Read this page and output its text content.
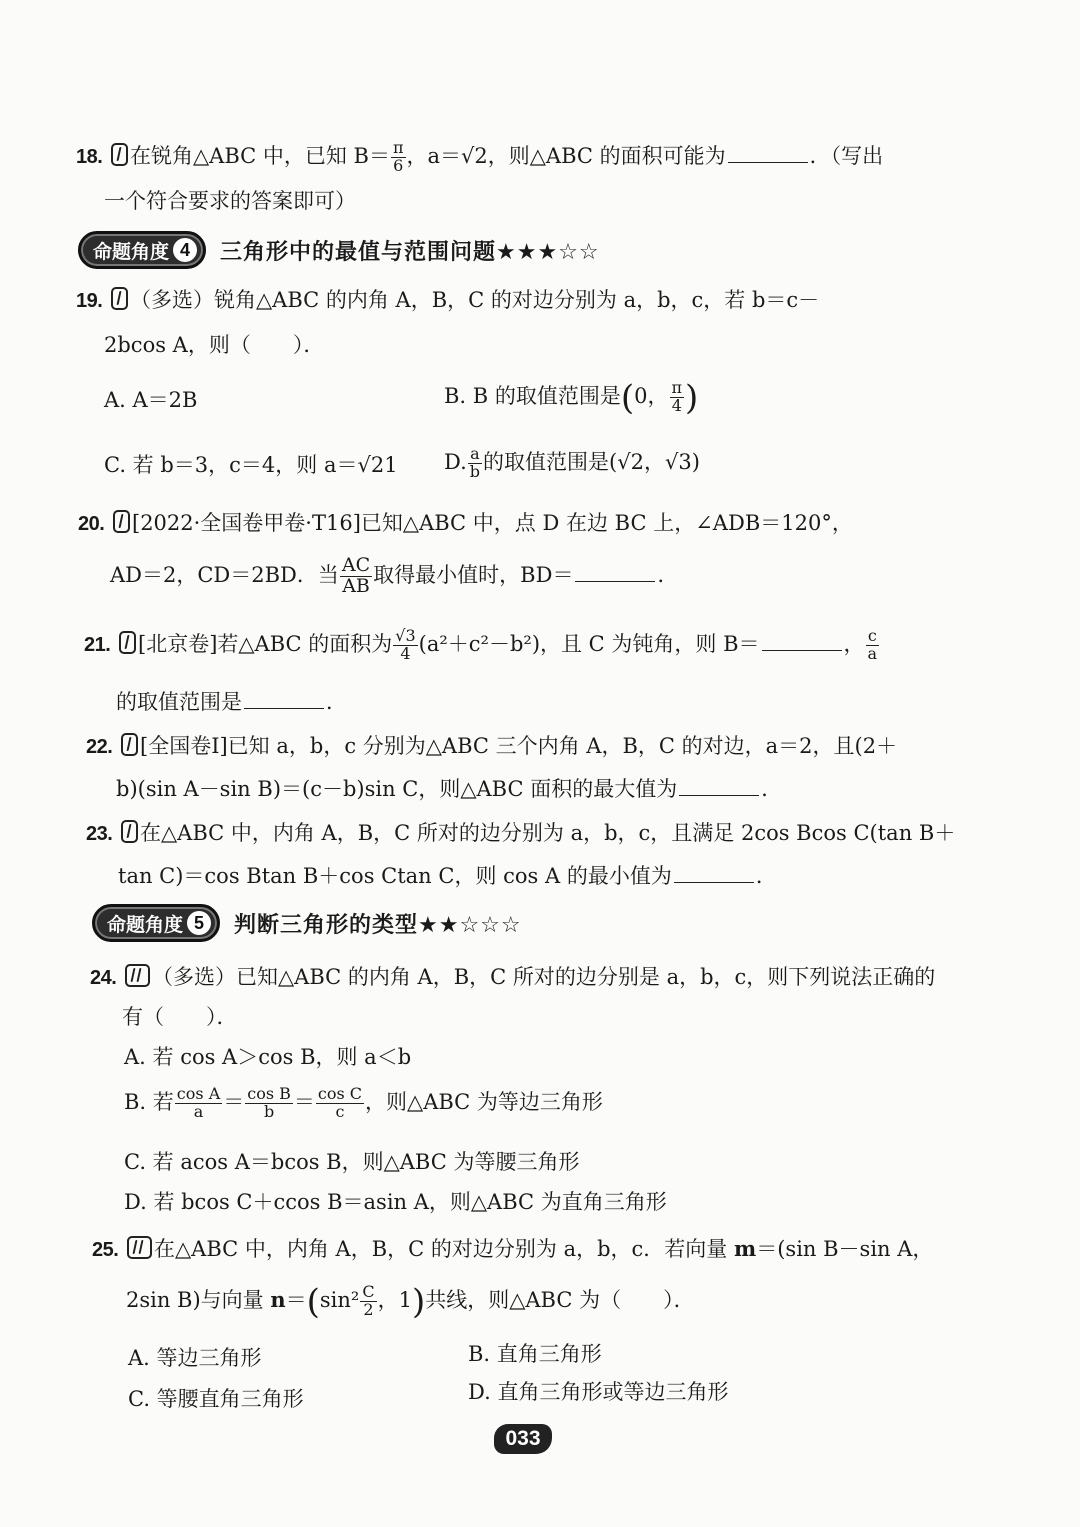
18. 在锐角△ABC 中，已知 $B= \frac{\pi}{6}$ ，a＝√2，则△ABC 的面积可能为	．（写出
一个符合要求的答案即可）
命题角度 4	三角形中的最值与范围问题★★★☆☆
19. （多选）锐角△ABC 的内角 A，B，C 的对边分别为 a，b，c，若 b＝c－
2bcos A，则（　　）．
A. A＝2B	B. B 的取值范围是(0， $\frac{\pi}{4}$ )
C. 若 b＝3，c＝4，则 a＝√21 D. $\frac{a}{b}$ 的取值范围是(√2，√3)
20. [2022·全国卷甲卷·T16]已知△ABC 中，点 D 在边 BC 上，∠ADB＝120°，
AD＝2，CD＝2BD．当 $\frac{AC}{AB}$ 取得最小值时，BD＝	．
21. [北京卷]若△ABC 的面积为 $\frac{√3}{4} (a^2+c^2-b^2)$，且 C 为钝角，则 B＝	， $\frac{c}{a}$
的取值范围是	．
22. [全国卷Ⅰ]已知 a，b，c 分别为△ABC 三个内角 A，B，C 的对边，a＝2，且(2＋
b)(sin A－sin B)＝(c－b)sin C，则△ABC 面积的最大值为	．
23. 在△ABC 中，内角 A，B，C 所对的边分别为 a，b，c，且满足 2cos Bcos C(tan B＋
tan C)＝cos Btan B＋cos Ctan C，则 cos A 的最小值为	．
命题角度 5	判断三角形的类型★★☆☆☆
24. （多选）已知△ABC 的内角 A，B，C 所对的边分别是 a，b，c，则下列说法正确的
有（　　）．
A. 若 cos A＞cos B，则 a＜b
B. 若 $\frac{\text{cos A}}{a} = \frac{\text{cos B}}{b} = \frac{\text{cos C}}{c}$ ，则△ABC 为等边三角形
C. 若 acos A＝bcos B，则△ABC 为等腰三角形
D. 若 bcos C＋ccos B＝asin A，则△ABC 为直角三角形
25. 在△ABC 中，内角 A，B，C 的对边分别为 a，b，c．若向量 m＝(sin B－sin A，
2sin B)与向量 $n=(\sin^2 \frac{C}{2}$ ，1)共线，则△ABC 为（　　）．
A. 等边三角形	B. 直角三角形
C. 等腰直角三角形	D. 直角三角形或等边三角形
033
